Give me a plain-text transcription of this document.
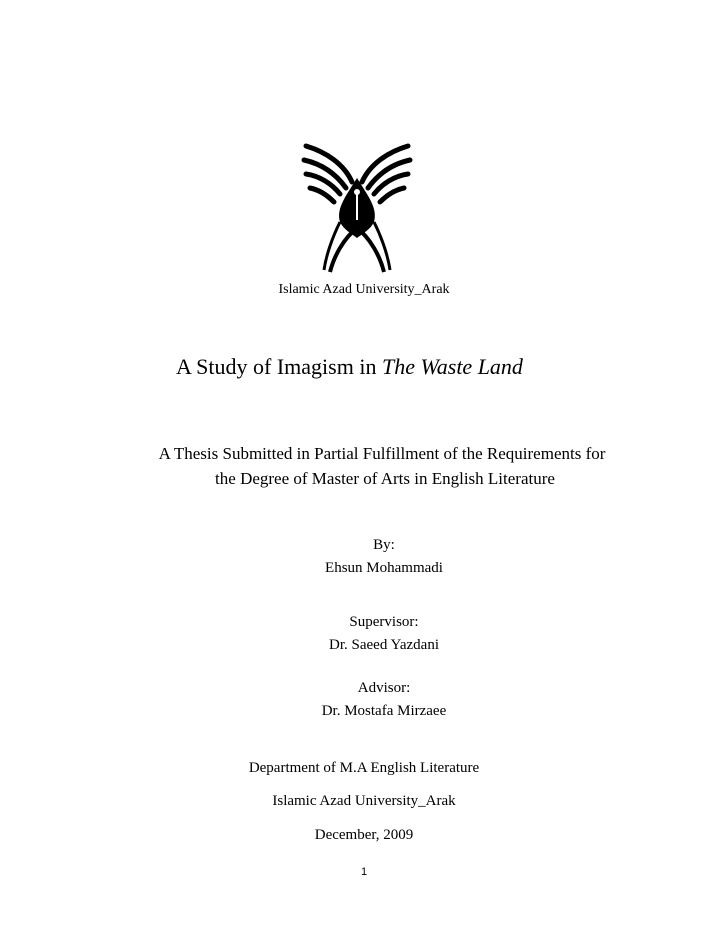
Islamic Azad University_Arak
A Study of Imagism in The Waste Land
A Thesis Submitted in Partial Fulfillment of the Requirements for
the Degree of Master of Arts in English Literature
By:
Ehsun Mohammadi
Supervisor:
Dr. Saeed Yazdani
Advisor:
Dr. Mostafa Mirzaee
Department of M.A English Literature
Islamic Azad University_Arak
December, 2009
1
